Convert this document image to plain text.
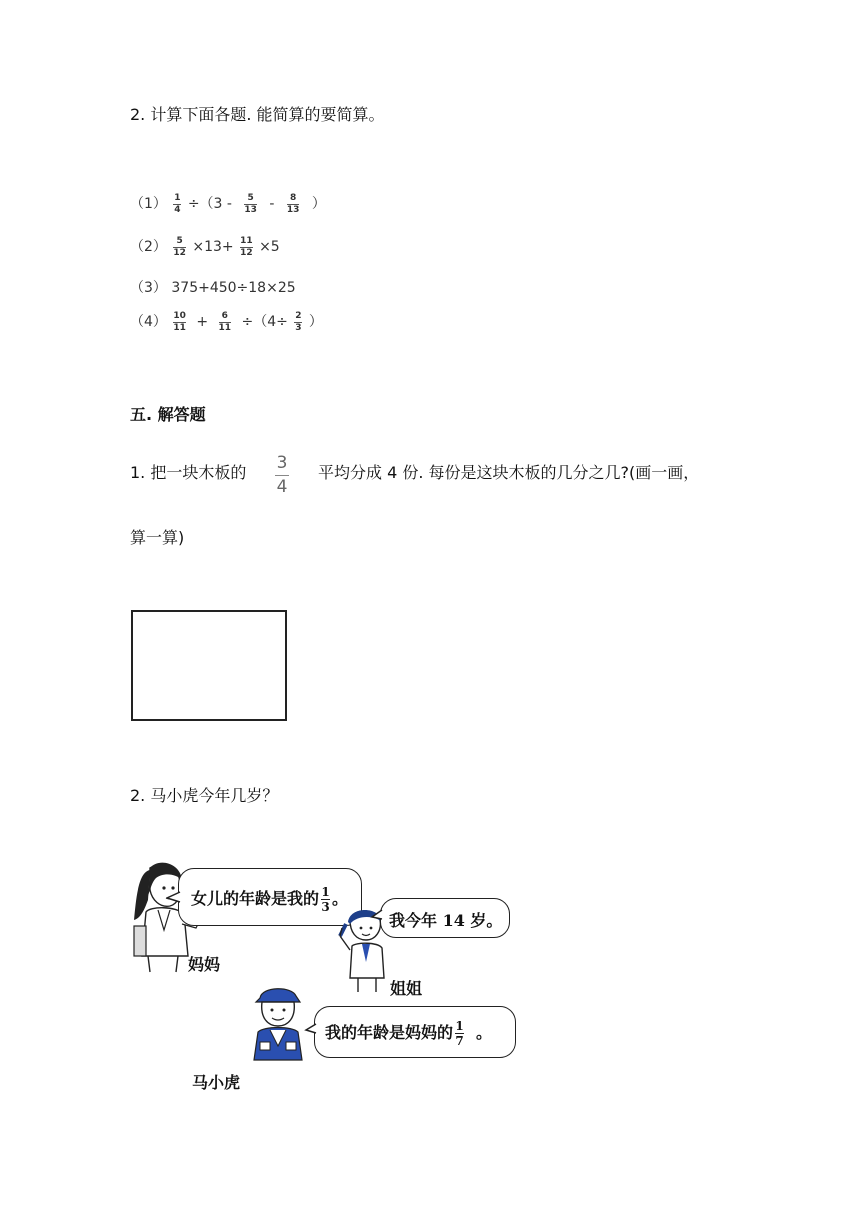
2. 计算下面各题. 能简算的要简算。
$(1) \frac{1}{4} \div(3 - \frac{5}{13} - \frac{8}{13}$ ）
$(2) \frac{5}{12} \times 13+ \frac{11}{12} \times 5$
（3） 375+450÷18×25
$(4) \frac{10}{11} + \frac{6}{11} \div(4\div \frac{2}{3}$ ）
五. 解答题
1. 把一块木板的 3
4
平均分成 4 份. 每份是这块木板的几分之几?(画一画，
算一算)
2. 马小虎今年几岁？
女儿的年龄是我的 $\frac{1}{3}$ 。
妈妈
我今年 14 岁。
姐姐
我的年龄是妈妈的 $\frac{1}{7}$ 。
马小虎
